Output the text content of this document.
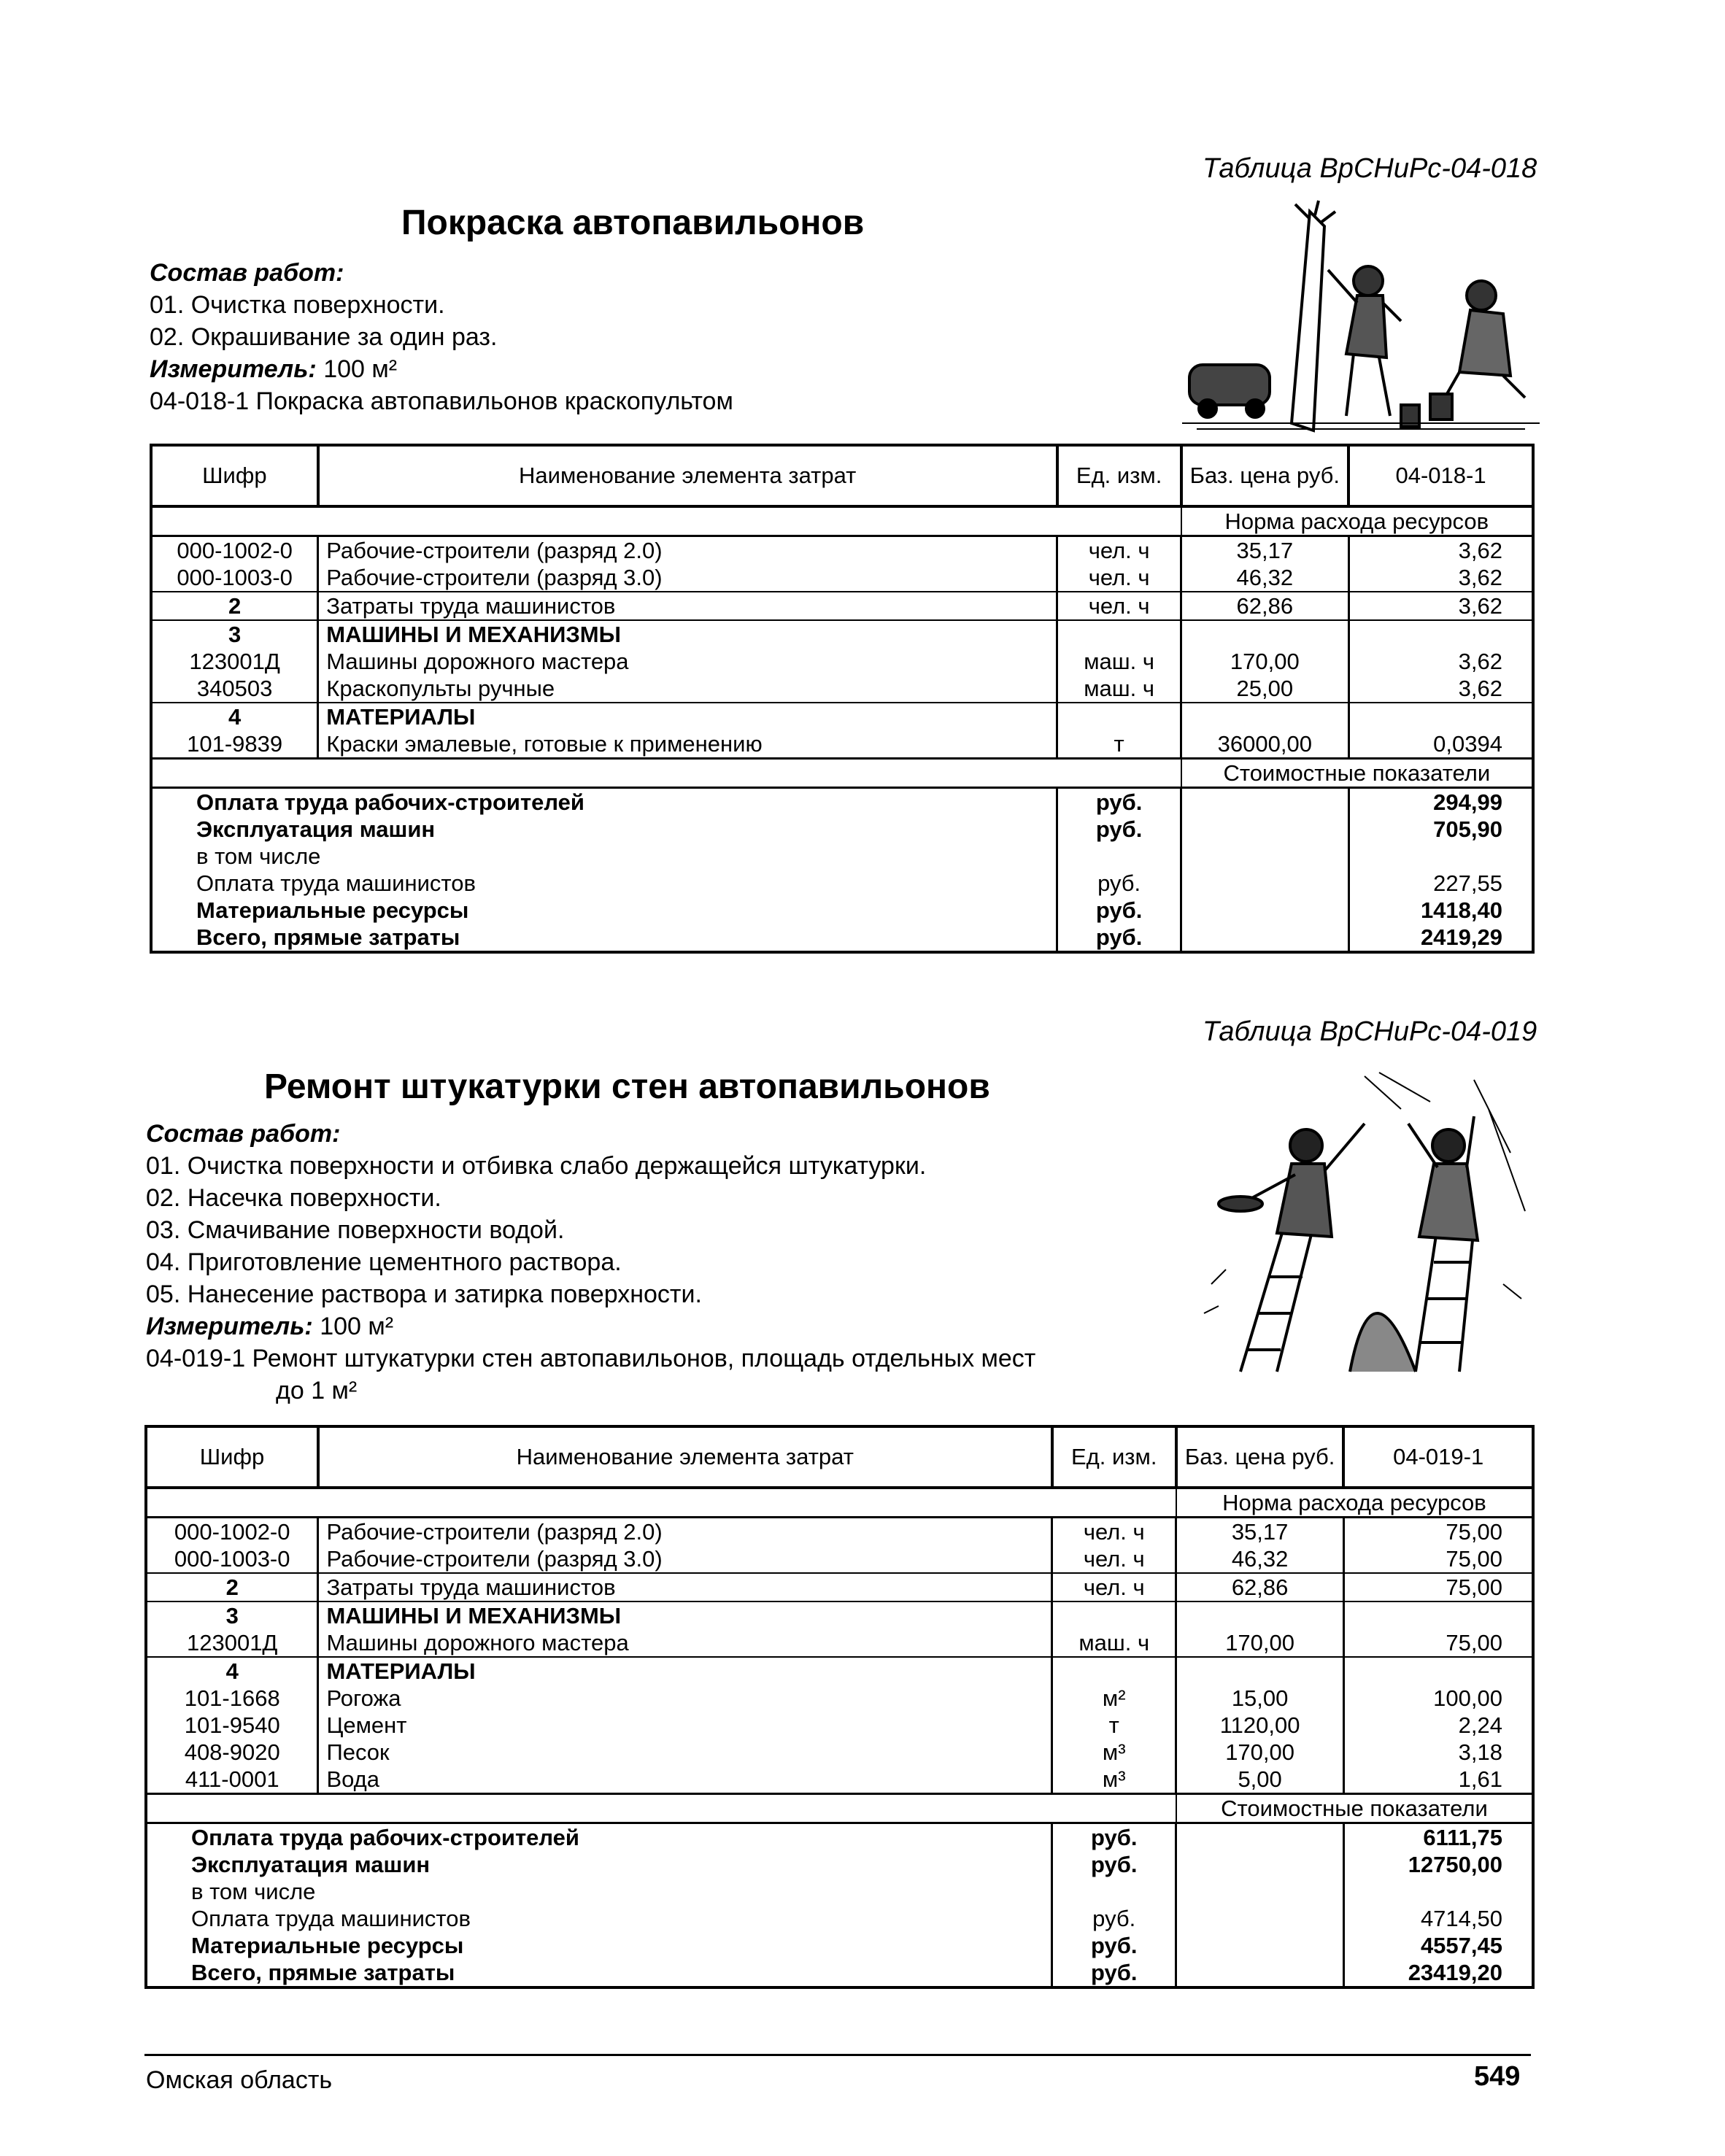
Таблица ВрСНиРс-04-018
Покраска автопавильонов
Состав работ:
01. Очистка поверхности.
02. Окрашивание за один раз.
Измеритель: 100 м²
04-018-1 Покраска автопавильонов краскопультом
Шифр	Наименование элемента затрат	Ед. изм.	Баз. цена руб.	04-018-1
			Норма расхода ресурсов	
000-1002-0	Рабочие-строители (разряд 2.0)	чел. ч	35,17	3,62
000-1003-0	Рабочие-строители (разряд 3.0)	чел. ч	46,32	3,62
2	Затраты труда машинистов	чел. ч	62,86	3,62
3	МАШИНЫ И МЕХАНИЗМЫ			
123001Д	Машины дорожного мастера	маш. ч	170,00	3,62
340503	Краскопульты ручные	маш. ч	25,00	3,62
4	МАТЕРИАЛЫ			
101-9839	Краски эмалевые, готовые к применению	т	36000,00	0,0394
			Стоимостные показатели	
Оплата труда рабочих-строителей		руб.		294,99
Эксплуатация машин		руб.		705,90
в том числе				
Оплата труда машинистов		руб.		227,55
Материальные ресурсы		руб.		1418,40
Всего, прямые затраты		руб.		2419,29
Таблица ВрСНиРс-04-019
Ремонт штукатурки стен автопавильонов
Состав работ:
01. Очистка поверхности и отбивка слабо держащейся штукатурки.
02. Насечка поверхности.
03. Смачивание поверхности водой.
04. Приготовление цементного раствора.
05. Нанесение раствора и затирка поверхности.
Измеритель: 100 м²
04-019-1 Ремонт штукатурки стен автопавильонов, площадь отдельных мест
до 1 м²
Шифр	Наименование элемента затрат	Ед. изм.	Баз. цена руб.	04-019-1
			Норма расхода ресурсов	
000-1002-0	Рабочие-строители (разряд 2.0)	чел. ч	35,17	75,00
000-1003-0	Рабочие-строители (разряд 3.0)	чел. ч	46,32	75,00
2	Затраты труда машинистов	чел. ч	62,86	75,00
3	МАШИНЫ И МЕХАНИЗМЫ			
123001Д	Машины дорожного мастера	маш. ч	170,00	75,00
4	МАТЕРИАЛЫ			
101-1668	Рогожа	м²	15,00	100,00
101-9540	Цемент	т	1120,00	2,24
408-9020	Песок	м³	170,00	3,18
411-0001	Вода	м³	5,00	1,61
			Стоимостные показатели	
Оплата труда рабочих-строителей		руб.		6111,75
Эксплуатация машин		руб.		12750,00
в том числе				
Оплата труда машинистов		руб.		4714,50
Материальные ресурсы		руб.		4557,45
Всего, прямые затраты		руб.		23419,20
Омская область	549
